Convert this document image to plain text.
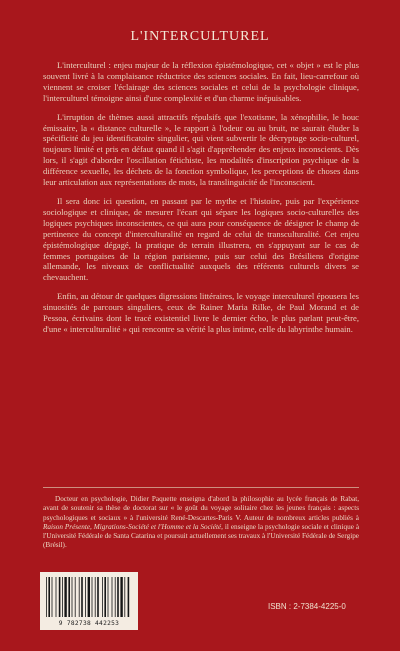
L'INTERCULTUREL

L'interculturel : enjeu majeur de la réflexion épistémologique, cet « objet » est le plus souvent livré à la complaisance réductrice des sciences sociales. En fait, lieu-carrefour où viennent se croiser l'éclairage des sciences sociales et celui de la psychologie clinique, l'interculturel témoigne ainsi d'une complexité et d'un charme inépuisables.

L'irruption de thèmes aussi attractifs répulsifs que l'exotisme, la xénophilie, le bouc émissaire, la « distance culturelle », le rapport à l'odeur ou au bruit, ne saurait éluder la spécificité du jeu identificatoire singulier, qui vient subvertir le décryptage socio-culturel, toujours limité et pris en défaut quand il s'agit d'appréhender des enjeux inconscients. Dès lors, il s'agit d'aborder l'oscillation fétichiste, les modalités d'inscription psychique de la différence sexuelle, les déchets de la fonction symbolique, les perceptions de choses dans leur articulation aux représentations de mots, la translinguicité de l'inconscient.

Il sera donc ici question, en passant par le mythe et l'histoire, puis par l'expérience sociologique et clinique, de mesurer l'écart qui sépare les logiques socio-culturelles des logiques psychiques inconscientes, ce qui aura pour conséquence de désigner le champ de pertinence du concept d'interculturalité en regard de celui de transculturalité. Cet enjeu épistémologique dégagé, la pratique de terrain illustrera, en s'appuyant sur le cas de femmes portugaises de la région parisienne, puis sur celui des Brésiliens d'origine allemande, les niveaux de conflictualité auxquels des référents culturels divers se chevauchent.

Enfin, au détour de quelques digressions littéraires, le voyage interculturel épousera les sinuosités de parcours singuliers, ceux de Rainer Maria Rilke, de Paul Morand et de Pessoa, écrivains dont le tracé existentiel livre le dernier écho, le plus parlant peut-être, d'une « interculturalité » qui rencontre sa vérité la plus intime, celle du labyrinthe humain.

Docteur en psychologie, Didier Paquette enseigna d'abord la philosophie au lycée français de Rabat, avant de soutenir sa thèse de doctorat sur « le goût du voyage solitaire chez les jeunes français : aspects psychologiques et sociaux » à l'université René-Descartes-Paris V. Auteur de nombreux articles publiés à Raison Présente, Migrations-Société et l'Homme et la Société, il enseigne la psychologie sociale et clinique à l'Université Fédérale de Santa Catarina et poursuit actuellement ses travaux à l'Université Fédérale de Sergipe (Brésil).

9 782738 442253
ISBN : 2-7384-4225-0
